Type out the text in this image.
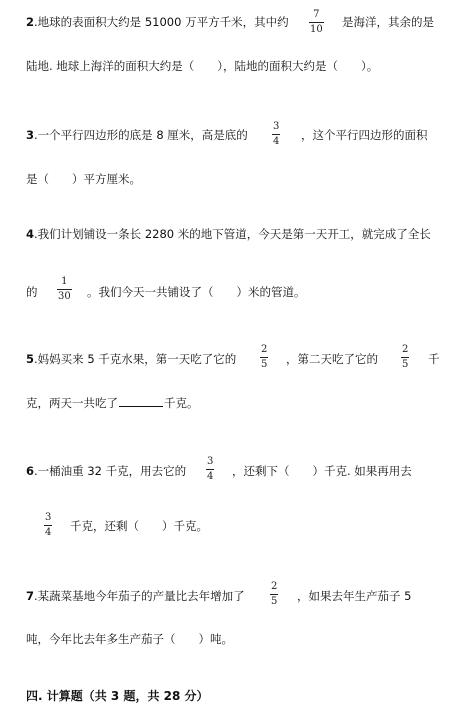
2.地球的表面积大约是 51000 万平方千米，其中约
7
10
是海洋，其余的是
陆地. 地球上海洋的面积大约是（　　），陆地的面积大约是（　　）。
3.一个平行四边形的底是 8 厘米，高是底的
3
4 ，这个平行四边形的面积
是（　　）平方厘米。
4.我们计划铺设一条长 2280 米的地下管道，今天是第一天开工，就完成了全长
的
1
30 。我们今天一共铺设了（　　）米的管道。
5.妈妈买来 5 千克水果，第一天吃了它的
2
5 ，第二天吃了它的
2
5 千
克，两天一共吃了	千克。
6.一桶油重 32 千克，用去它的
3
4 ，还剩下（　　）千克. 如果再用去
3
4 千克，还剩（　　）千克。
7.某蔬菜基地今年茄子的产量比去年增加了
2
5 ，如果去年生产茄子 5
吨，今年比去年多生产茄子（　　）吨。
四. 计算题（共 3 题，共 28 分）
